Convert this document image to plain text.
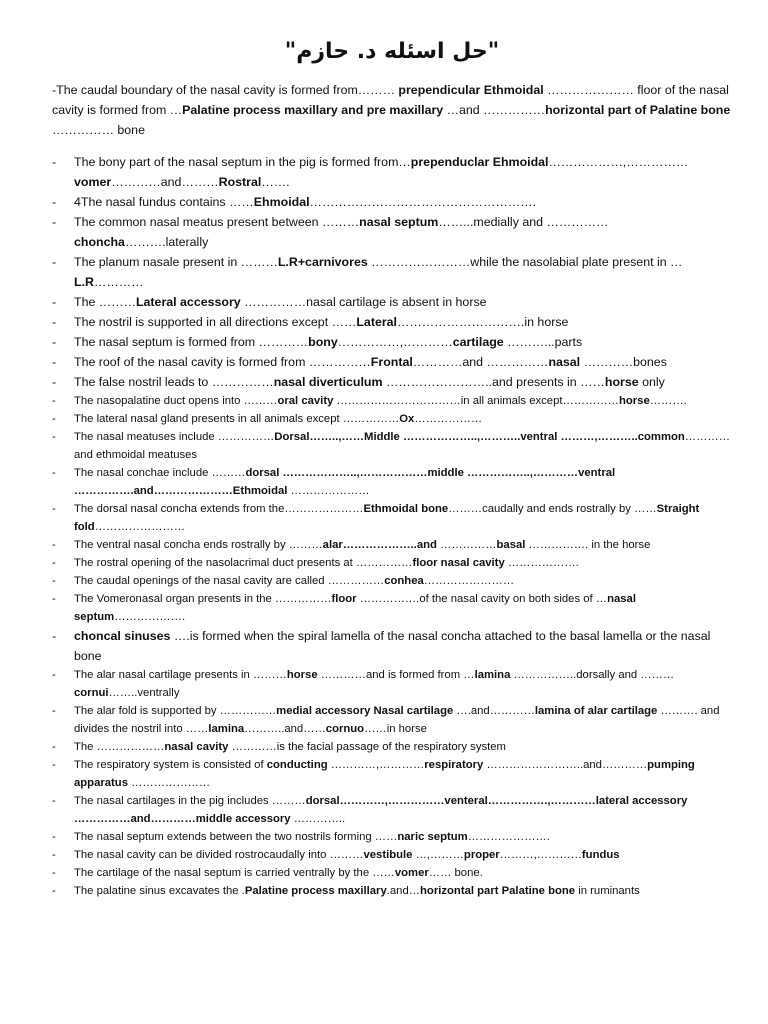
"حل اسئله د. حازم"
-The caudal boundary of the nasal cavity is formed from……… prependicular Ethmoidal ………………… floor of the nasal cavity is formed from …Palatine process maxillary and pre maxillary …and ……………horizontal part of Palatine bone …………… bone
- The bony part of the nasal septum in the pig is formed from…prependuclar Ehmoidal………………,……………vomer…………and………Rostral…….
- 4The nasal fundus contains ……Ehmoidal……………………………………………….
- The common nasal meatus present between ………nasal septum……...medially and ……………choncha……….laterally
- The planum nasale present in ………L.R+carnivores ……………………while the nasolabial plate present in …L.R…………
- The ………Lateral accessory ……………nasal cartilage is absent in horse
- The nostril is supported in all directions except ……Lateral………………………….in horse
- The nasal septum is formed from …………bony……………,…………cartilage ………...parts
- The roof of the nasal cavity is formed from ……………Frontal…………and ……………nasal …………bones
- The false nostril leads to ……………nasal diverticulum ……………………..and presents in ……horse only
- The nasopalatine duct opens into ………oral cavity ……………………………in all animals except……………horse……….
- The lateral nasal gland presents in all animals except ……………Ox………………
- The nasal meatuses include ……………Dorsal……..,……Middle ………………..,………..ventral ………,………..common…………and ethmoidal meatuses
- The nasal conchae include ………dorsal ………………..,………………middle ……………..,…………ventral …………….and…………………Ethmoidal …………………
- The dorsal nasal concha extends from the…………………Ethmoidal bone………caudally and ends rostrally by ……Straight fold……………………
- The ventral nasal concha ends rostrally by ………alar………………..and ……………basal ……………. in the horse
- The rostral opening of the nasolacrimal duct presents at ……………floor nasal cavity ……………….
- The caudal openings of the nasal cavity are called ……………conhea……………………
- The Vomeronasal organ presents in the ……………floor …………….of the nasal cavity on both sides of …nasal septum……………….
- choncal sinuses ….is formed when the spiral lamella of the nasal concha attached to the basal lamella or the nasal bone
- The alar nasal cartilage presents in ………horse …………and is formed from …lamina ……………..dorsally and ………cornui……..ventrally
- The alar fold is supported by ……………medial accessory Nasal cartilage ….and…………lamina of alar cartilage ………. and divides the nostril into ……lamina………..and……cornuo……in horse
- The ………………nasal cavity …………is the facial passage of the respiratory system
- The respiratory system is consisted of conducting …………,…………respiratory ……………………..and…………pumping apparatus …………………
- The nasal cartilages in the pig includes ………dorsal…………,……………venteral…………….,…………lateral accessory ……………and…………middle accessory …………..
- The nasal septum extends between the two nostrils forming ……naric septum………………….
- The nasal cavity can be divided rostrocaudally into ………vestibule …,………proper………,…………fundus
- The cartilage of the nasal septum is carried ventrally by the ……vomer…… bone.
- The palatine sinus excavates the .Palatine process maxillary.and…horizontal part Palatine bone in ruminants
